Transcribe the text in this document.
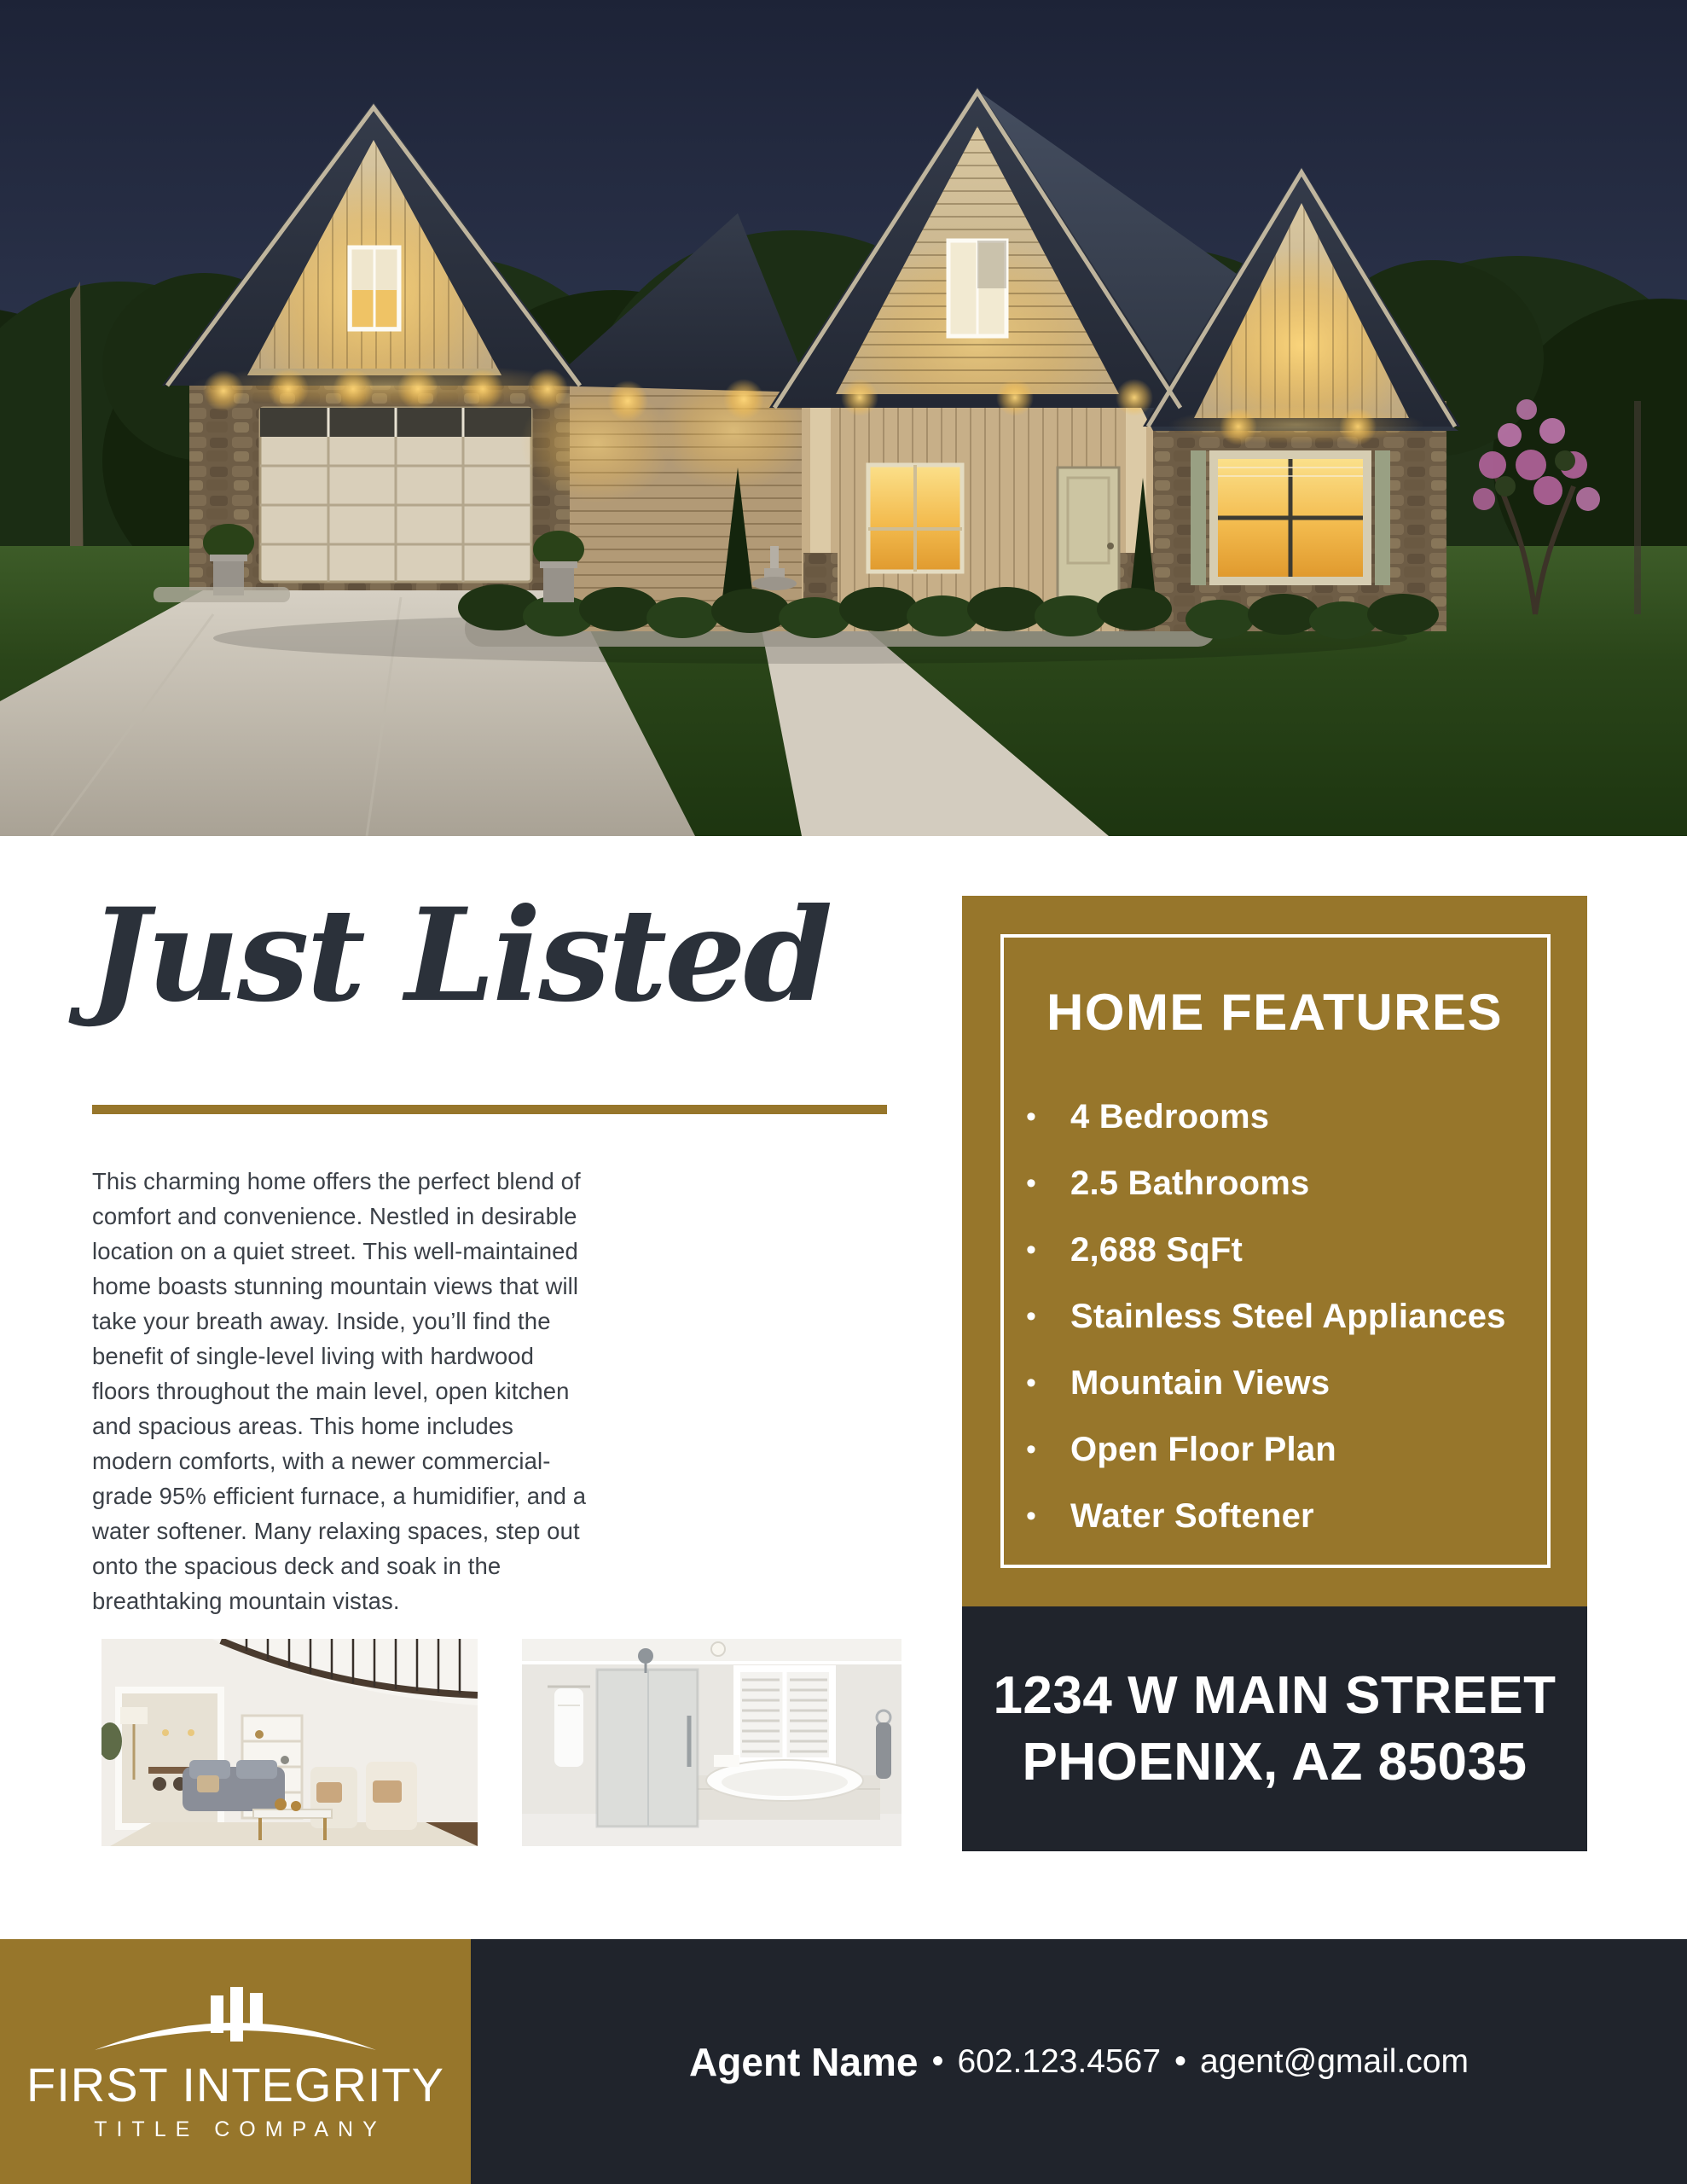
Just Listed

This charming home offers the perfect blend of comfort and convenience. Nestled in desirable location on a quiet street. This well-maintained home boasts stunning mountain views that will take your breath away. Inside, you’ll find the benefit of single-level living with hardwood floors throughout the main level, open kitchen and spacious areas. This home includes modern comforts, with a newer commercial-grade 95% efficient furnace, a humidifier, and a water softener. Many relaxing spaces, step out onto the spacious deck and soak in the breathtaking mountain vistas.

HOME FEATURES
• 4 Bedrooms
• 2.5 Bathrooms
• 2,688 SqFt
• Stainless Steel Appliances
• Mountain Views
• Open Floor Plan
• Water Softener
1234 W MAIN STREET
PHOENIX, AZ 85035
FIRST INTEGRITY
TITLE COMPANY
Agent Name • 602.123.4567 • agent@gmail.com
